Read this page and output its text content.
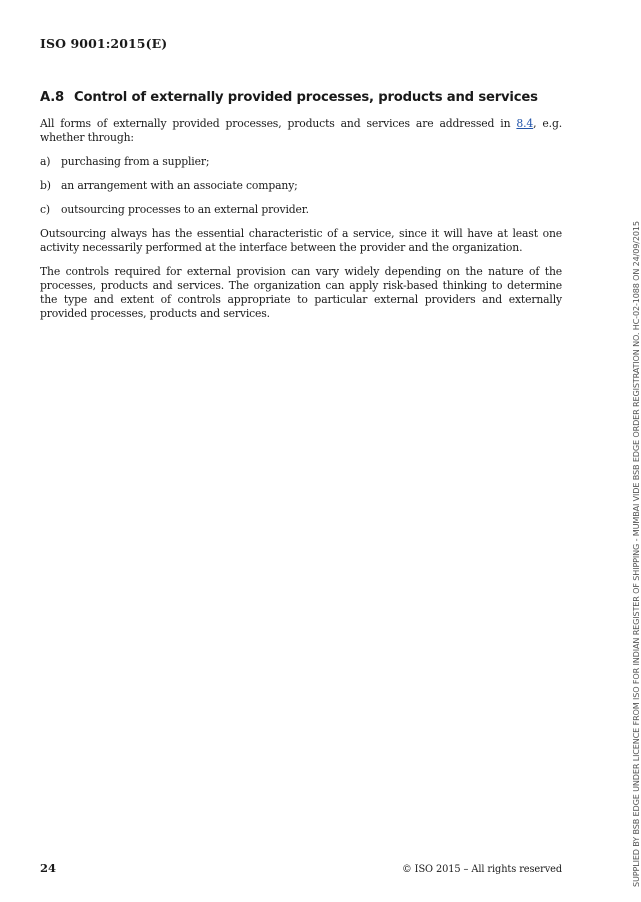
ISO 9001:2015(E)
A.8 Control of externally provided processes, products and services

All forms of externally provided processes, products and services are addressed in 8.4, e.g. whether through:

a) purchasing from a supplier;
b) an arrangement with an associate company;
c)	outsourcing processes to an external provider.

Outsourcing always has the essential characteristic of a service, since it will have at least one activity necessarily performed at the interface between the provider and the organization.

The controls required for external provision can vary widely depending on the nature of the processes, products and services. The organization can apply risk-based thinking to determine the type and extent of controls appropriate to particular external providers and externally provided processes, products and services.	SUPPLIED BY BSB EDGE UNDER LICENCE FROM ISO FOR INDIAN REGISTER OF SHIPPING - MUMBAI VIDE BSB EDGE ORDER REGISTRATION NO. HC-02-1088 ON 24/09/2015
24	© ISO 2015 – All rights reserved
